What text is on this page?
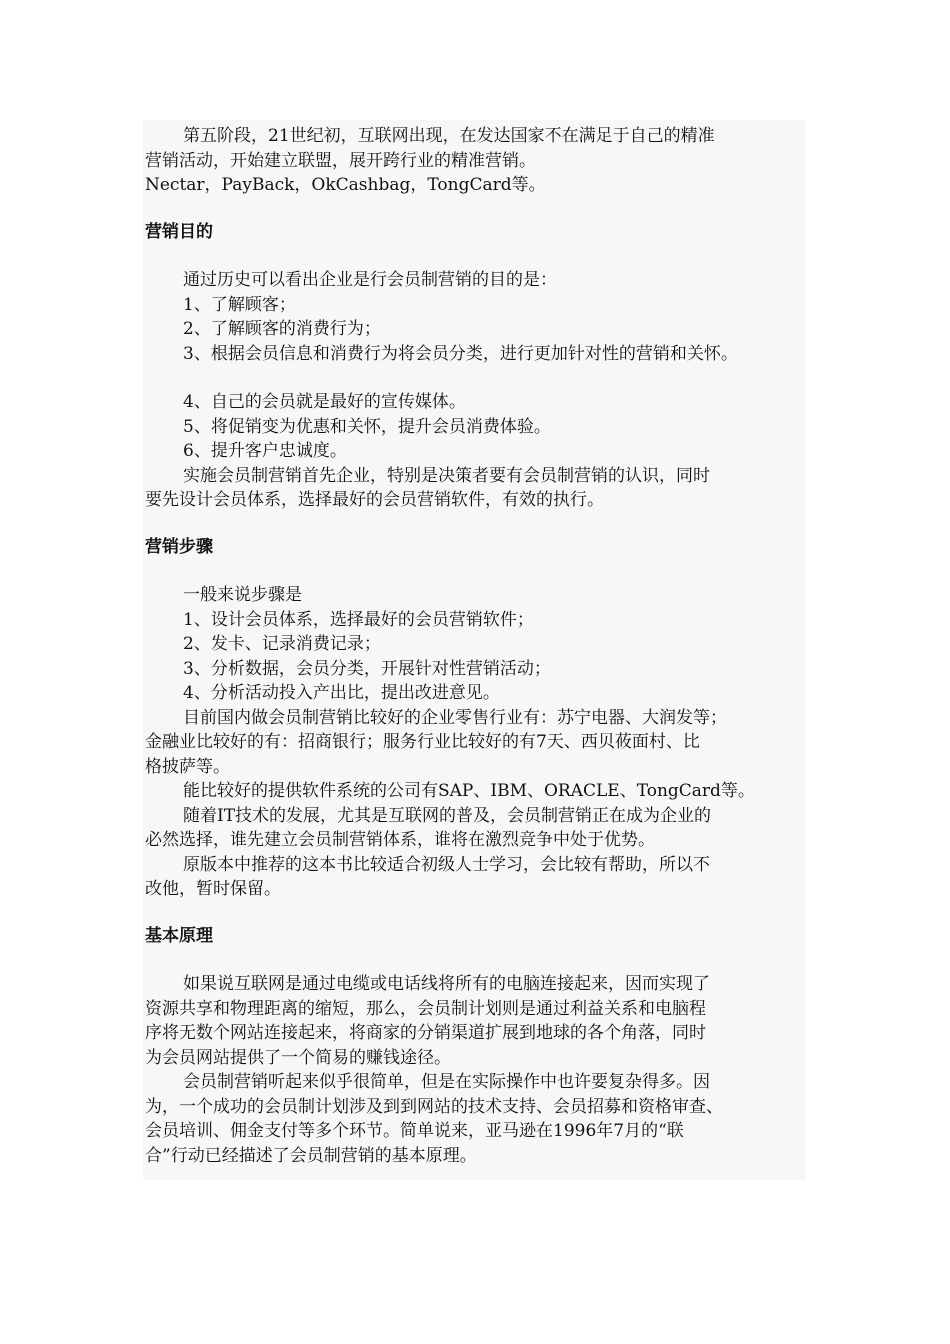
第五阶段，21世纪初，互联网出现，在发达国家不在满足于自己的精准
营销活动，开始建立联盟，展开跨行业的精准营销。
Nectar，PayBack，OkCashbag，TongCard等。
营销目的
通过历史可以看出企业是行会员制营销的目的是：
1、了解顾客；
2、了解顾客的消费行为；
3、根据会员信息和消费行为将会员分类，进行更加针对性的营销和关怀。
4、自己的会员就是最好的宣传媒体。
5、将促销变为优惠和关怀，提升会员消费体验。
6、提升客户忠诚度。
实施会员制营销首先企业，特别是决策者要有会员制营销的认识，同时
要先设计会员体系，选择最好的会员营销软件，有效的执行。
营销步骤
一般来说步骤是
1、设计会员体系，选择最好的会员营销软件；
2、发卡、记录消费记录；
3、分析数据，会员分类，开展针对性营销活动；
4、分析活动投入产出比，提出改进意见。
目前国内做会员制营销比较好的企业零售行业有：苏宁电器、大润发等；
金融业比较好的有：招商银行；服务行业比较好的有7天、西贝莜面村、比
格披萨等。
能比较好的提供软件系统的公司有SAP、IBM、ORACLE、TongCard等。
随着IT技术的发展，尤其是互联网的普及，会员制营销正在成为企业的
必然选择，谁先建立会员制营销体系，谁将在激烈竞争中处于优势。
原版本中推荐的这本书比较适合初级人士学习，会比较有帮助，所以不
改他，暂时保留。
基本原理
如果说互联网是通过电缆或电话线将所有的电脑连接起来，因而实现了
资源共享和物理距离的缩短，那么，会员制计划则是通过利益关系和电脑程
序将无数个网站连接起来，将商家的分销渠道扩展到地球的各个角落，同时
为会员网站提供了一个简易的赚钱途径。
会员制营销听起来似乎很简单，但是在实际操作中也许要复杂得多。因
为，一个成功的会员制计划涉及到到网站的技术支持、会员招募和资格审查、
会员培训、佣金支付等多个环节。简单说来，亚马逊在1996年7月的“联
合”行动已经描述了会员制营销的基本原理。
